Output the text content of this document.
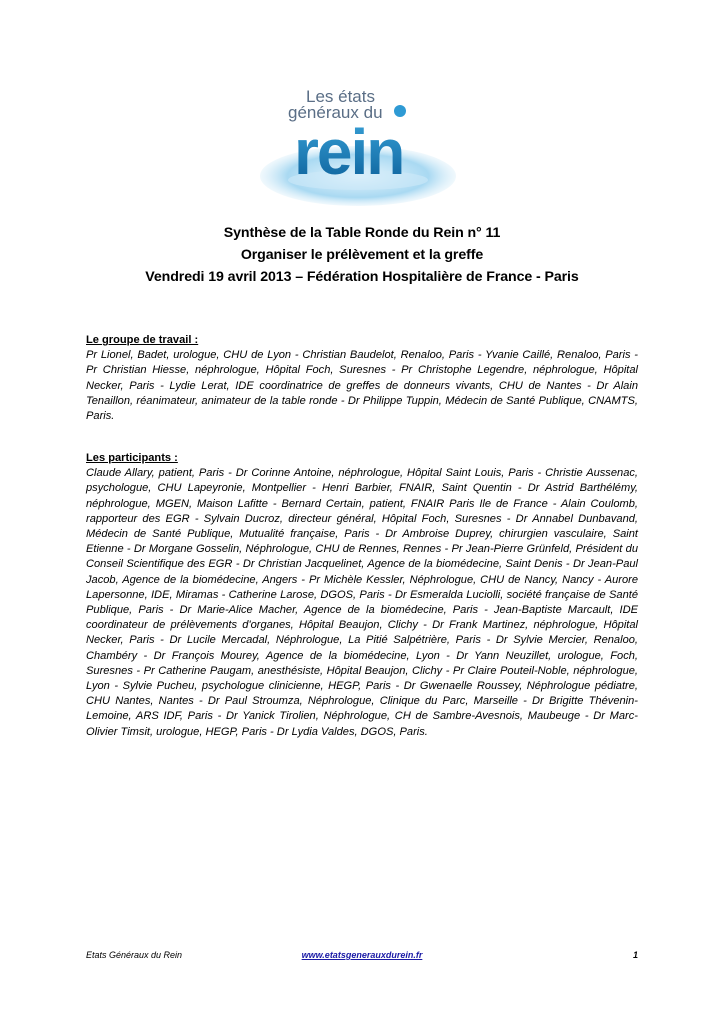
Les états
généraux du
rein
Synthèse de la Table Ronde du Rein n° 11
Organiser le prélèvement et la greffe
Vendredi 19 avril 2013 – Fédération Hospitalière de France - Paris
Le groupe de travail :
Pr Lionel, Badet, urologue, CHU de Lyon - Christian Baudelot, Renaloo, Paris - Yvanie Caillé, Renaloo, Paris - Pr Christian Hiesse, néphrologue, Hôpital Foch, Suresnes - Pr Christophe Legendre, néphrologue, Hôpital Necker, Paris - Lydie Lerat, IDE coordinatrice de greffes de donneurs vivants, CHU de Nantes - Dr Alain Tenaillon, réanimateur, animateur de la table ronde - Dr Philippe Tuppin, Médecin de Santé Publique, CNAMTS, Paris.
Les participants :
Claude Allary, patient, Paris - Dr Corinne Antoine, néphrologue, Hôpital Saint Louis, Paris - Christie Aussenac, psychologue, CHU Lapeyronie, Montpellier - Henri Barbier, FNAIR, Saint Quentin - Dr Astrid Barthélémy, néphrologue, MGEN, Maison Lafitte - Bernard Certain, patient, FNAIR Paris Ile de France - Alain Coulomb, rapporteur des EGR - Sylvain Ducroz, directeur général, Hôpital Foch, Suresnes - Dr Annabel Dunbavand, Médecin de Santé Publique, Mutualité française, Paris - Dr Ambroise Duprey, chirurgien vasculaire, Saint Etienne - Dr Morgane Gosselin, Néphrologue, CHU de Rennes, Rennes - Pr Jean-Pierre Grünfeld, Président du Conseil Scientifique des EGR - Dr Christian Jacquelinet, Agence de la biomédecine, Saint Denis - Dr Jean-Paul Jacob, Agence de la biomédecine, Angers - Pr Michèle Kessler, Néphrologue, CHU de Nancy, Nancy - Aurore Lapersonne, IDE, Miramas - Catherine Larose, DGOS, Paris - Dr Esmeralda Luciolli, société française de Santé Publique, Paris - Dr Marie-Alice Macher, Agence de la biomédecine, Paris - Jean-Baptiste Marcault, IDE coordinateur de prélèvements d'organes, Hôpital Beaujon, Clichy - Dr Frank Martinez, néphrologue, Hôpital Necker, Paris - Dr Lucile Mercadal, Néphrologue, La Pitié Salpétrière, Paris - Dr Sylvie Mercier, Renaloo, Chambéry - Dr François Mourey, Agence de la biomédecine, Lyon - Dr Yann Neuzillet, urologue, Foch, Suresnes - Pr Catherine Paugam, anesthésiste, Hôpital Beaujon, Clichy - Pr Claire Pouteil-Noble, néphrologue, Lyon - Sylvie Pucheu, psychologue clinicienne, HEGP, Paris - Dr Gwenaelle Roussey, Néphrologue pédiatre, CHU Nantes, Nantes - Dr Paul Stroumza, Néphrologue, Clinique du Parc, Marseille - Dr Brigitte Thévenin-Lemoine, ARS IDF, Paris - Dr Yanick Tirolien, Néphrologue, CH de Sambre-Avesnois, Maubeuge - Dr Marc-Olivier Timsit, urologue, HEGP, Paris - Dr Lydia Valdes, DGOS, Paris.
Etats Généraux du Rein	www.etatsgenerauxdurein.fr	1
